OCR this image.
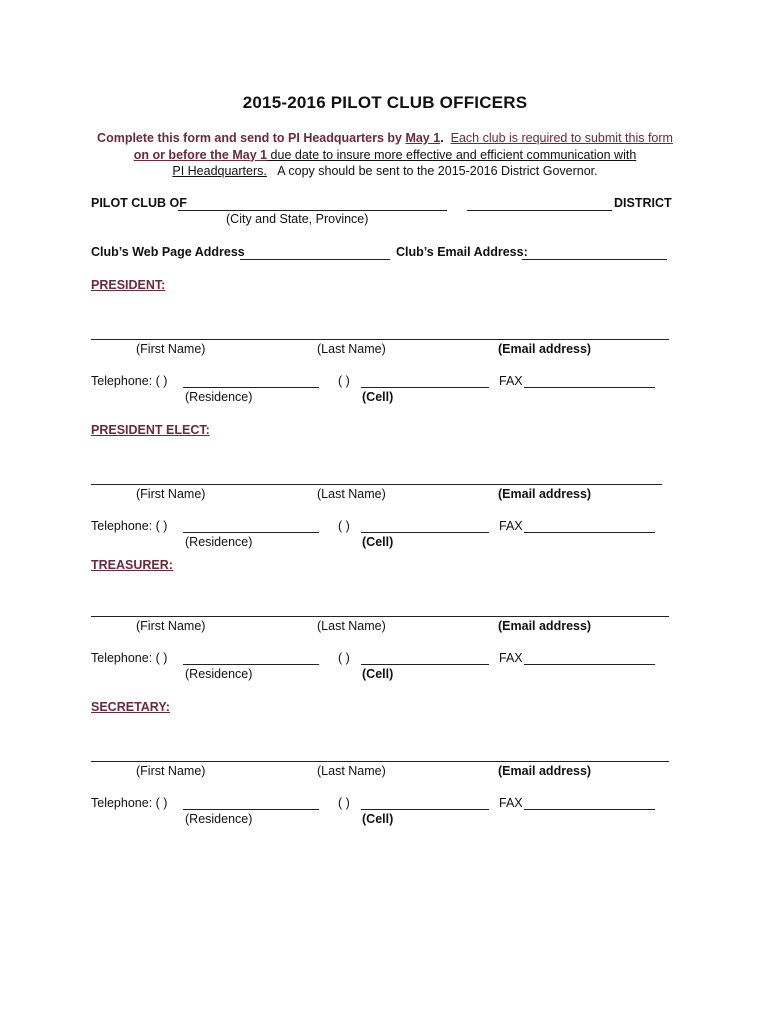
2015-2016 PILOT CLUB OFFICERS
Complete this form and send to PI Headquarters by May 1. Each club is required to submit this form
on or before the May 1 due date to insure more effective and efficient communication with
PI Headquarters. A copy should be sent to the 2015-2016 District Governor.
PILOT CLUB OF	DISTRICT
(City and State, Province)
Club’s Web Page Address	Club’s Email Address:
PRESIDENT:
(First Name)	(Last Name)	(Email address)
Telephone: ( )	( )	FAX
(Residence)	(Cell)
PRESIDENT ELECT:
(First Name)	(Last Name)	(Email address)
Telephone: ( )	( )	FAX
(Residence)	(Cell)
TREASURER:
(First Name)	(Last Name)	(Email address)
Telephone: ( )	( )	FAX
(Residence)	(Cell)
SECRETARY:
(First Name)	(Last Name)	(Email address)
Telephone: ( )	( )	FAX
(Residence)	(Cell)
